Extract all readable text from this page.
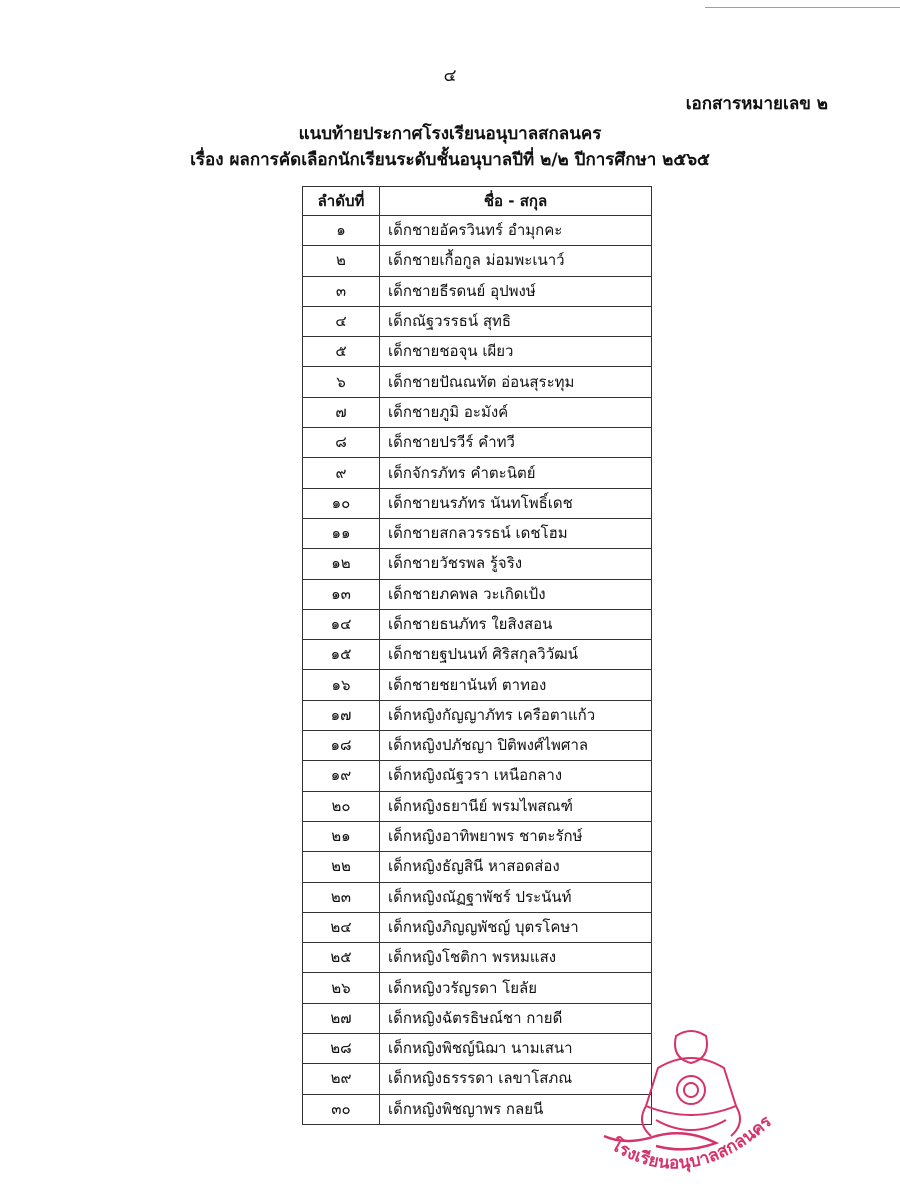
๔
เอกสารหมายเลข ๒
แนบท้ายประกาศโรงเรียนอนุบาลสกลนคร
เรื่อง ผลการคัดเลือกนักเรียนระดับชั้นอนุบาลปีที่ ๒/๒ ปีการศึกษา ๒๕๖๕
ลำดับที่	ชื่อ - สกุล
๑	เด็กชายอัครวินทร์ อำมุกคะ
๒	เด็กชายเกื้อกูล ม่อมพะเนาว์
๓	เด็กชายธีรดนย์ อุปพงษ์
๔	เด็กณัฐวรรธน์ สุทธิ
๕	เด็กชายชอจุน เผียว
๖	เด็กชายปัณณทัต อ่อนสุระทุม
๗	เด็กชายภูมิ อะมังค์
๘	เด็กชายปรวีร์ คำทวี
๙	เด็กจักรภัทร คำตะนิตย์
๑๐	เด็กชายนรภัทร นันทโพธิ์เดช
๑๑	เด็กชายสกลวรรธน์ เดชโฮม
๑๒	เด็กชายวัชรพล รู้จริง
๑๓	เด็กชายภคพล วะเกิดเป้ง
๑๔	เด็กชายธนภัทร ใยสิงสอน
๑๕	เด็กชายฐปนนท์ ศิริสกุลวิวัฒน์
๑๖	เด็กชายชยานันท์ ตาทอง
๑๗	เด็กหญิงกัญญาภัทร เครือตาแก้ว
๑๘	เด็กหญิงปภัชญา ปิติพงศ์ไพศาล
๑๙	เด็กหญิงณัฐวรา เหนือกลาง
๒๐	เด็กหญิงธยานีย์ พรมไพสณฑ์
๒๑	เด็กหญิงอาทิพยาพร ชาตะรักษ์
๒๒	เด็กหญิงธัญสินี หาสอดส่อง
๒๓	เด็กหญิงณัฏฐาพัชร์ ประนันท์
๒๔	เด็กหญิงภิญญพัชญ์ บุตรโคษา
๒๕	เด็กหญิงโชติกา พรหมแสง
๒๖	เด็กหญิงวรัญรดา โยลัย
๒๗	เด็กหญิงฉัตรธิษณ์ชา กายดี
๒๘	เด็กหญิงพิชญ์นิฌา นามเสนา
๒๙	เด็กหญิงธรรรดา เลขาโสภณ
๓๐	เด็กหญิงพิชญาพร กลยนี
โรงเรียนอนุบาลสกลนคร
